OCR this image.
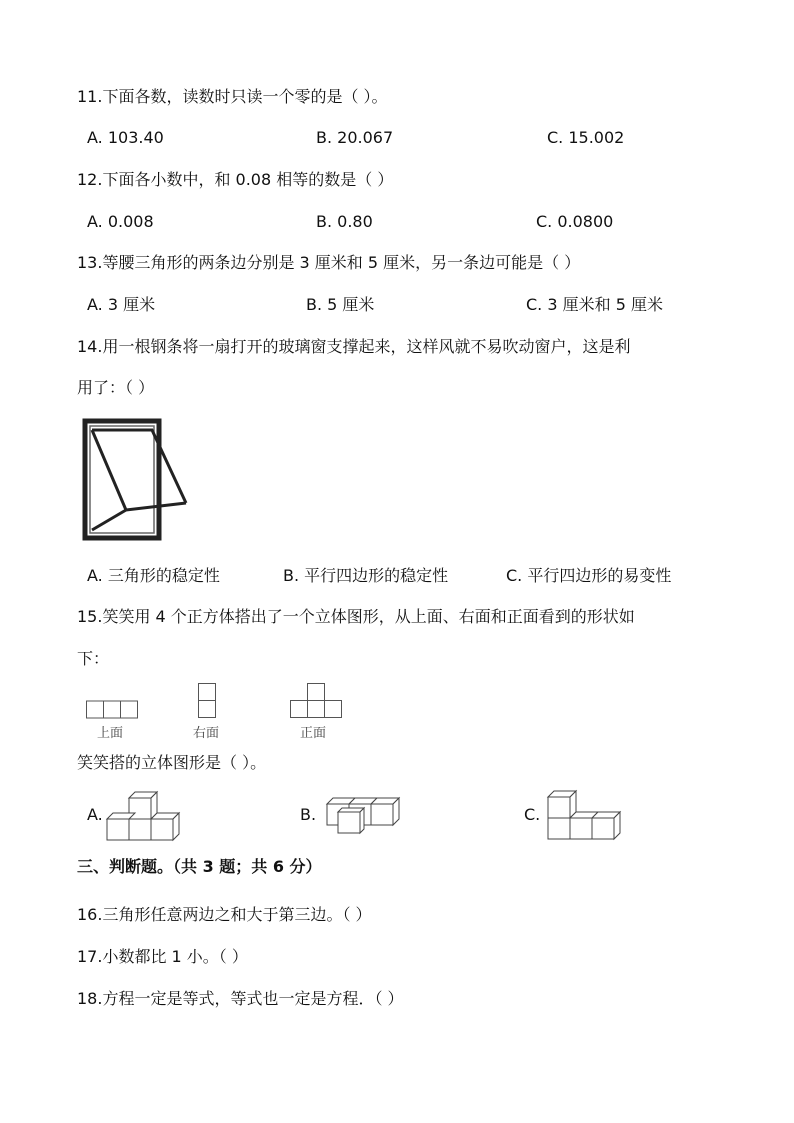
11.下面各数，读数时只读一个零的是（ ）。
A. 103.40	B. 20.067	C. 15.002
12.下面各小数中，和 0.08 相等的数是（ ）
A. 0.008	B. 0.80	C. 0.0800
13.等腰三角形的两条边分别是 3 厘米和 5 厘米，另一条边可能是（ ）
A. 3 厘米	B. 5 厘米	C. 3 厘米和 5 厘米
14.用一根钢条将一扇打开的玻璃窗支撑起来，这样风就不易吹动窗户，这是利
用了：（ ）
A. 三角形的稳定性	B. 平行四边形的稳定性	C. 平行四边形的易变性
15.笑笑用 4 个正方体搭出了一个立体图形，从上面、右面和正面看到的形状如
下：
上面	右面	正面
笑笑搭的立体图形是（ ）。
A.	B.	C.
三、判断题。（共 3 题；共 6 分）
16.三角形任意两边之和大于第三边。（ ）
17.小数都比 1 小。（ ）
18.方程一定是等式，等式也一定是方程．（ ）
